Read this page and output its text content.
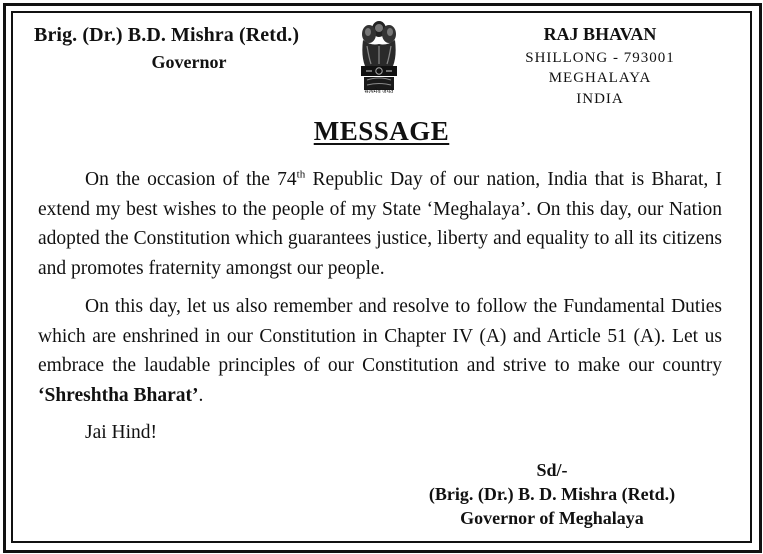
Brig. (Dr.) B.D. Mishra (Retd.)
Governor
सत्यमेव जयते
RAJ BHAVAN
SHILLONG - 793001
MEGHALAYA
INDIA
MESSAGE

On the occasion of the 74th Republic Day of our nation, India that is Bharat, I extend my best wishes to the people of my State ‘Meghalaya’. On this day, our Nation adopted the Constitution which guarantees justice, liberty and equality to all its citizens and promotes fraternity amongst our people.

On this day, let us also remember and resolve to follow the Fundamental Duties which are enshrined in our Constitution in Chapter IV (A) and Article 51 (A). Let us embrace the laudable principles of our Constitution and strive to make our country ‘Shreshtha Bharat’.

Jai Hind!
Sd/-
(Brig. (Dr.) B. D. Mishra (Retd.)
Governor of Meghalaya
